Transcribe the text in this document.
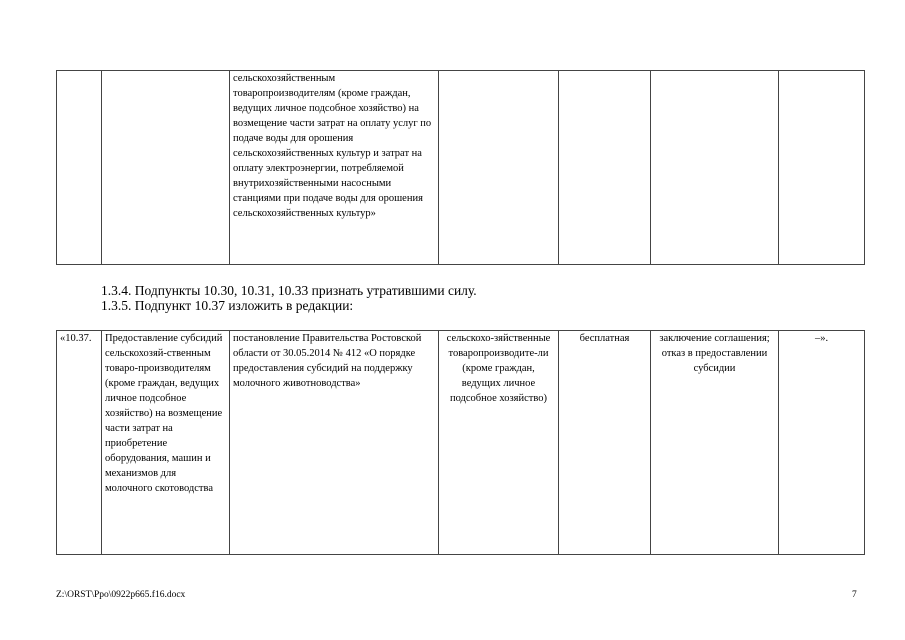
		сельскохозяйственным товаропроизводителям (кроме граждан, ведущих личное подсобное хозяйство) на возмещение части затрат на оплату услуг по подаче воды для орошения сельскохозяйственных культур и затрат на оплату электроэнергии, потребляемой внутрихозяйственными насосными станциями при подаче воды для орошения сельскохозяйственных культур»				
1.3.4. Подпункты 10.30, 10.31, 10.33 признать утратившими силу.
1.3.5. Подпункт 10.37 изложить в редакции:
«10.37.	Предоставление субсидий сельскохозяй-ственным товаро-производителям (кроме граждан, ведущих личное подсобное хозяйство) на возмещение части затрат на приобретение оборудования, машин и механизмов для молочного скотоводства	постановление Правительства Ростовской области от 30.05.2014 № 412 «О порядке предоставления субсидий на поддержку молочного животноводства»	сельскохо-зяйственные товаропроизводите-ли (кроме граждан, ведущих личное подсобное хозяйство)	бесплатная	заключение соглашения; отказ в предоставлении субсидии	–».
Z:\ORST\Ppo\0922p665.f16.docx	7
